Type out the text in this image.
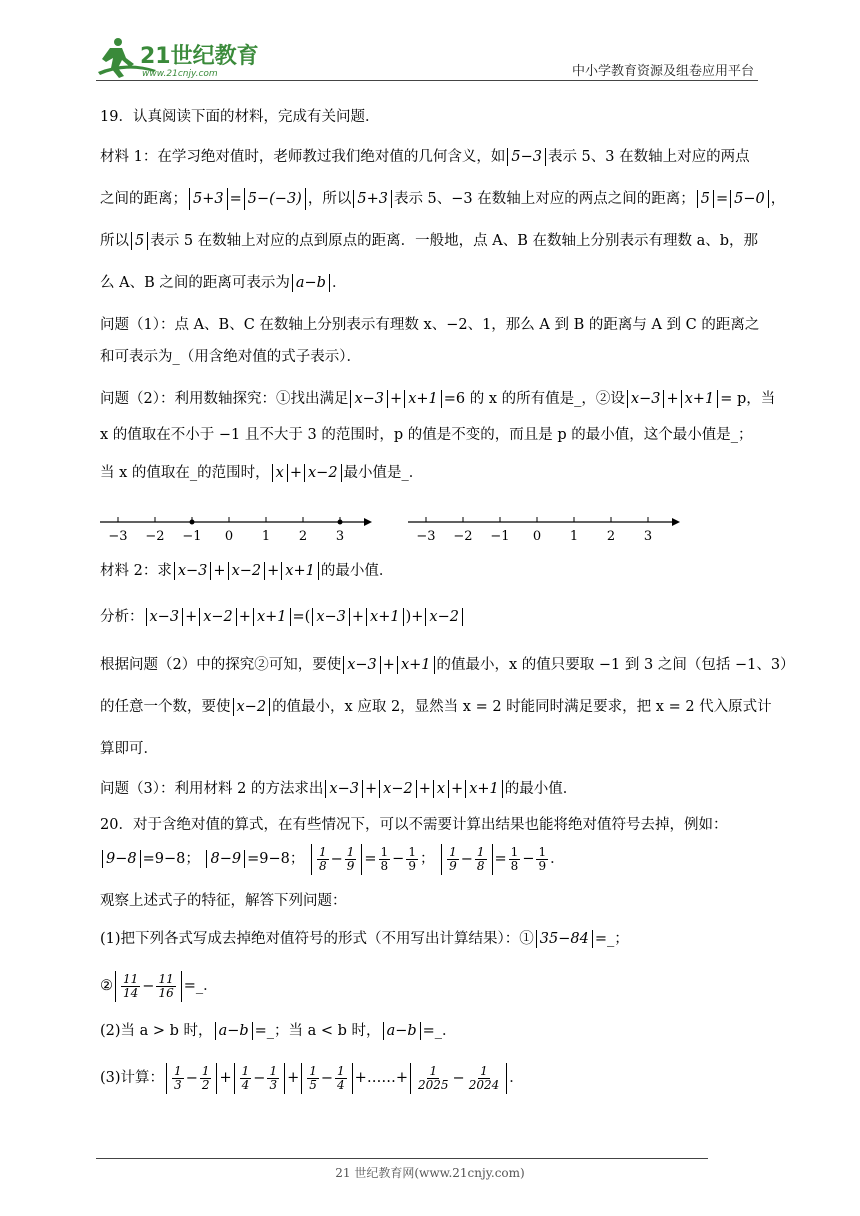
21世纪教育
www.21cnjy.com	中小学教育资源及组卷应用平台
19．认真阅读下面的材料，完成有关问题．
材料 1：在学习绝对值时，老师教过我们绝对值的几何含义，如 5−3 表示 5、3 在数轴上对应的两点
之间的距离； 5+3 = 5−(−3) ，所以 5+3 表示 5、−3 在数轴上对应的两点之间的距离； 5 = 5−0 ，
所以 5 表示 5 在数轴上对应的点到原点的距离．一般地，点 A、B 在数轴上分别表示有理数 a、b，那
么 A、B 之间的距离可表示为 a−b ．
问题（1）：点 A、B、C 在数轴上分别表示有理数 x、−2、1，那么 A 到 B 的距离与 A 到 C 的距离之
和可表示为_（用含绝对值的式子表示）．
问题（2）：利用数轴探究：①找出满足 x−3 + x+1 =6 的 x 的所有值是_，②设 x−3 + x+1 = p，当
x 的值取在不小于 −1 且不大于 3 的范围时，p 的值是不变的，而且是 p 的最小值，这个最小值是_；
当 x 的值取在_的范围时， x + x−2 最小值是_．
−3 −2 −1 0 1 2 3	−3 −2 −1 0 1 2 3
材料 2：求 x−3 + x−2 + x+1 的最小值．
分析： x−3 + x−2 + x+1 =( x−3 + x+1 )+ x−2
根据问题（2）中的探究②可知，要使 x−3 + x+1 的值最小，x 的值只要取 −1 到 3 之间（包括 −1、3）
的任意一个数，要使 x−2 的值最小，x 应取 2，显然当 x = 2 时能同时满足要求，把 x = 2 代入原式计
算即可．
问题（3）：利用材料 2 的方法求出 x−3 + x−2 + x + x+1 的最小值．
20．对于含绝对值的算式，在有些情况下，可以不需要计算出结果也能将绝对值符号去掉，例如：
9−8 =9−8； 8−9 =9−8； $\frac{1}{8} - \frac{1}{9} = \frac{1}{8} - \frac{1}{9}$ ； $\frac{1}{9} - \frac{1}{8} = \frac{1}{8} - \frac{1}{9}$ ．
观察上述式子的特征，解答下列问题：
(1)把下列各式写成去掉绝对值符号的形式（不用写出计算结果）：① 35−84 =_；
② $\frac{11}{14} - \frac{11}{16}$ =_．
(2)当 a > b 时， a−b =_；当 a < b 时， a−b =_．
(3)计算： $\frac{1}{3} - \frac{1}{2} + \frac{1}{4} - \frac{1}{3} + \frac{1}{5} - \frac{1}{4}$ +……+ $\frac{1}{2025} - \frac{1}{2024}$ ．
21 世纪教育网(www.21cnjy.com)
